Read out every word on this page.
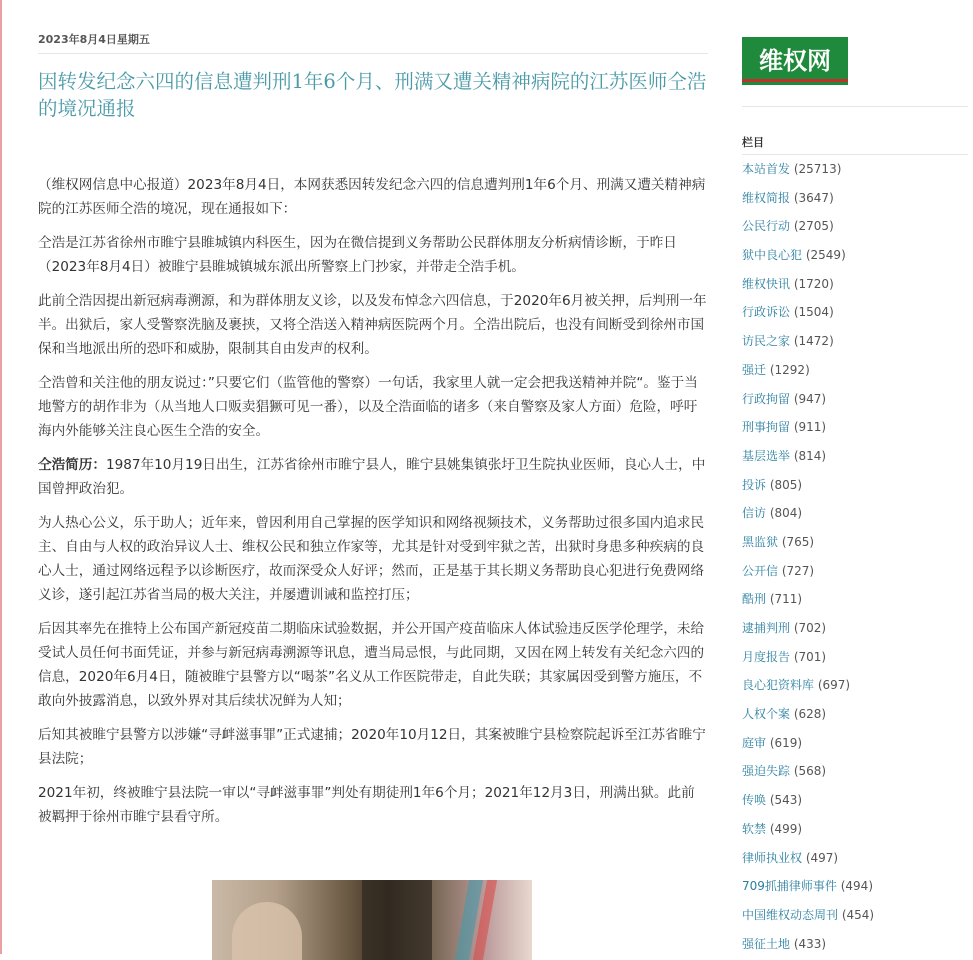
2023年8月4日星期五
因转发纪念六四的信息遭判刑1年6个月、刑满又遭关精神病院的江苏医师仝浩的境况通报

（维权网信息中心报道）2023年8月4日，本网获悉因转发纪念六四的信息遭判刑1年6个月、刑满又遭关精神病院的江苏医师仝浩的境况，现在通报如下：

仝浩是江苏省徐州市睢宁县睢城镇内科医生，因为在微信提到义务帮助公民群体朋友分析病情诊断，于昨日（2023年8月4日）被睢宁县睢城镇城东派出所警察上门抄家，并带走仝浩手机。

此前仝浩因提出新冠病毒溯源，和为群体朋友义诊，以及发布悼念六四信息，于2020年6月被关押，后判刑一年半。出狱后，家人受警察洗脑及裹挟，又将仝浩送入精神病医院两个月。仝浩出院后，也没有间断受到徐州市国保和当地派出所的恐吓和威胁，限制其自由发声的权利。

仝浩曾和关注他的朋友说过：”只要它们（监管他的警察）一句话，我家里人就一定会把我送精神并院“。鉴于当地警方的胡作非为（从当地人口贩卖猖獗可见一番），以及仝浩面临的诸多（来自警察及家人方面）危险，呼吁海内外能够关注良心医生仝浩的安全。

仝浩简历：1987年10月19日出生，江苏省徐州市睢宁县人，睢宁县姚集镇张圩卫生院执业医师，良心人士，中国曾押政治犯。

为人热心公义，乐于助人；近年来，曾因利用自己掌握的医学知识和网络视频技术，义务帮助过很多国内追求民主、自由与人权的政治异议人士、维权公民和独立作家等，尤其是针对受到牢狱之苦，出狱时身患多种疾病的良心人士，通过网络远程予以诊断医疗，故而深受众人好评；然而，正是基于其长期义务帮助良心犯进行免费网络义诊，遂引起江苏省当局的极大关注，并屡遭训诫和监控打压；

后因其率先在推特上公布国产新冠疫苗二期临床试验数据，并公开国产疫苗临床人体试验违反医学伦理学，未给受试人员任何书面凭证，并参与新冠病毒溯源等讯息，遭当局忌恨，与此同期，又因在网上转发有关纪念六四的信息，2020年6月4日，随被睢宁县警方以“喝茶”名义从工作医院带走，自此失联；其家属因受到警方施压，不敢向外披露消息，以致外界对其后续状况鲜为人知；

后知其被睢宁县警方以涉嫌“寻衅滋事罪”正式逮捕；2020年10月12日，其案被睢宁县检察院起诉至江苏省睢宁县法院；

2021年初，终被睢宁县法院一审以“寻衅滋事罪”判处有期徒刑1年6个月；2021年12月3日，刑满出狱。此前被羁押于徐州市睢宁县看守所。

维权网
栏目
本站首发 (25713)
维权简报 (3647)
公民行动 (2705)
狱中良心犯 (2549)
维权快讯 (1720)
行政诉讼 (1504)
访民之家 (1472)
强迁 (1292)
行政拘留 (947)
刑事拘留 (911)
基层选举 (814)
投诉 (805)
信访 (804)
黑监狱 (765)
公开信 (727)
酷刑 (711)
逮捕判刑 (702)
月度报告 (701)
良心犯资料库 (697)
人权个案 (628)
庭审 (619)
强迫失踪 (568)
传唤 (543)
软禁 (499)
律师执业权 (497)
709抓捕律师事件 (494)
中国维权动态周刊 (454)
强征土地 (433)
